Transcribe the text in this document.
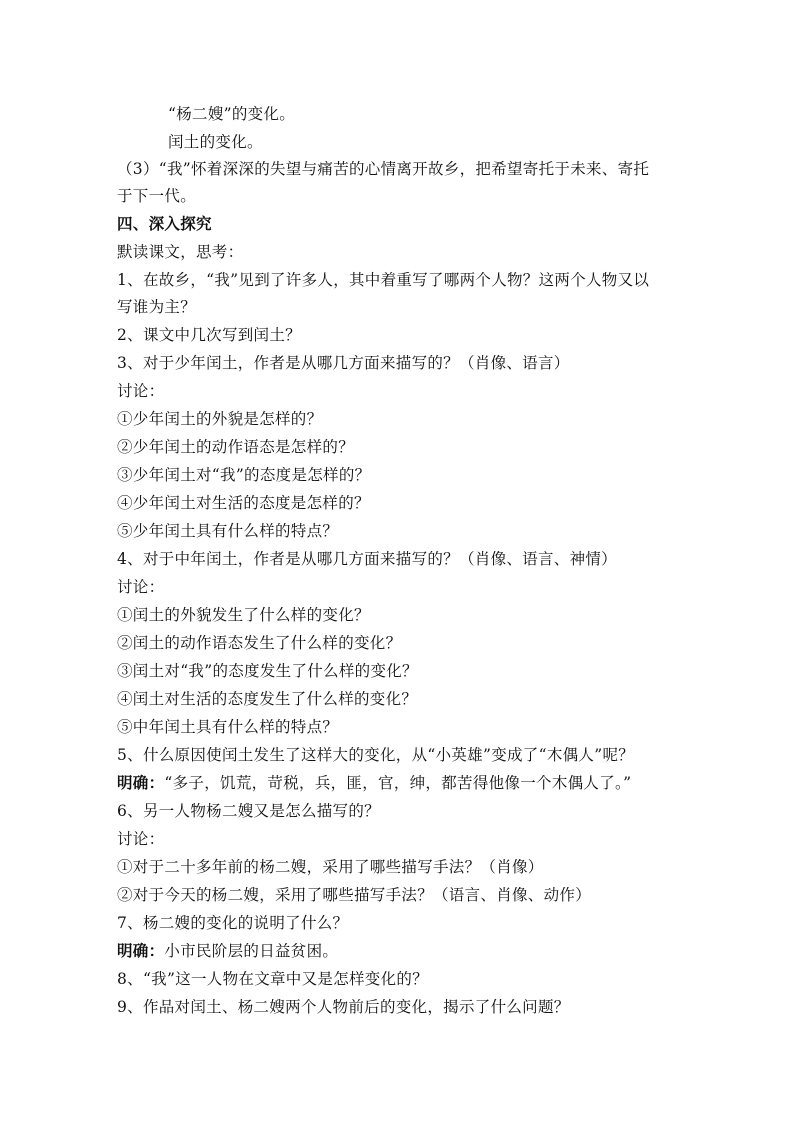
“杨二嫂”的变化。
闰土的变化。
（3）“我”怀着深深的失望与痛苦的心情离开故乡，把希望寄托于未来、寄托
于下一代。
四、深入探究
默读课文，思考：
1、在故乡，“我”见到了许多人，其中着重写了哪两个人物？这两个人物又以
写谁为主？
2、课文中几次写到闰土？
3、对于少年闰土，作者是从哪几方面来描写的？（肖像、语言）
讨论：
①少年闰土的外貌是怎样的？
②少年闰土的动作语态是怎样的？
③少年闰土对“我”的态度是怎样的？
④少年闰土对生活的态度是怎样的？
⑤少年闰土具有什么样的特点？
4、对于中年闰土，作者是从哪几方面来描写的？（肖像、语言、神情）
讨论：
①闰土的外貌发生了什么样的变化？
②闰土的动作语态发生了什么样的变化？
③闰土对“我”的态度发生了什么样的变化？
④闰土对生活的态度发生了什么样的变化？
⑤中年闰土具有什么样的特点？
5、什么原因使闰土发生了这样大的变化，从“小英雄”变成了“木偶人”呢？
明确：“多子，饥荒，苛税，兵，匪，官，绅，都苦得他像一个木偶人了。”
6、另一人物杨二嫂又是怎么描写的？
讨论：
①对于二十多年前的杨二嫂，采用了哪些描写手法？（肖像）
②对于今天的杨二嫂，采用了哪些描写手法？（语言、肖像、动作）
7、杨二嫂的变化的说明了什么？
明确：小市民阶层的日益贫困。
8、“我”这一人物在文章中又是怎样变化的？
9、作品对闰土、杨二嫂两个人物前后的变化，揭示了什么问题？
